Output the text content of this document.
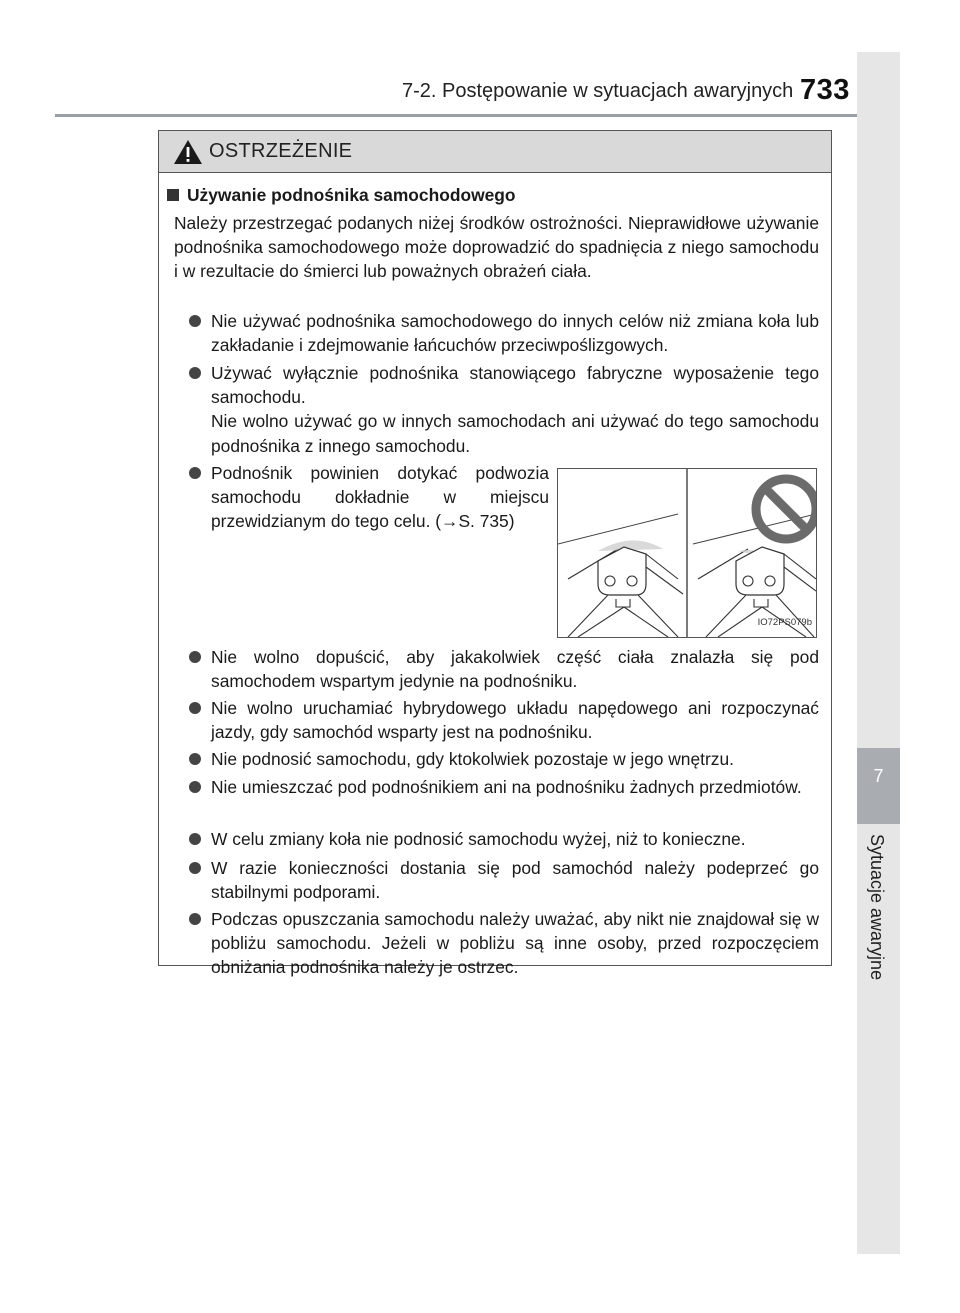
7-2. Postępowanie w sytuacjach awaryjnych 733
7
Sytuacje awaryjne
OSTRZEŻENIE
Używanie podnośnika samochodowego
Należy przestrzegać podanych niżej środków ostrożności. Nieprawidłowe używanie podnośnika samochodowego może doprowadzić do spadnięcia z niego samochodu i w rezultacie do śmierci lub poważnych obrażeń ciała.
Nie używać podnośnika samochodowego do innych celów niż zmiana koła lub zakładanie i zdejmowanie łańcuchów przeciwpoślizgowych.
Używać wyłącznie podnośnika stanowiącego fabryczne wyposażenie tego samochodu.
Nie wolno używać go w innych samochodach ani używać do tego samochodu podnośnika z innego samochodu.
Podnośnik powinien dotykać podwozia samochodu dokładnie w miejscu przewidzianym do tego celu. (→S. 735)
IO72PS079b
Nie wolno dopuścić, aby jakakolwiek część ciała znalazła się pod samochodem wspartym jedynie na podnośniku.
Nie wolno uruchamiać hybrydowego układu napędowego ani rozpoczynać jazdy, gdy samochód wsparty jest na podnośniku.
Nie podnosić samochodu, gdy ktokolwiek pozostaje w jego wnętrzu.
Nie umieszczać pod podnośnikiem ani na podnośniku żadnych przedmiotów.
W celu zmiany koła nie podnosić samochodu wyżej, niż to konieczne.
W razie konieczności dostania się pod samochód należy podeprzeć go stabilnymi podporami.
Podczas opuszczania samochodu należy uważać, aby nikt nie znajdował się w pobliżu samochodu. Jeżeli w pobliżu są inne osoby, przed rozpoczęciem obniżania podnośnika należy je ostrzec.
